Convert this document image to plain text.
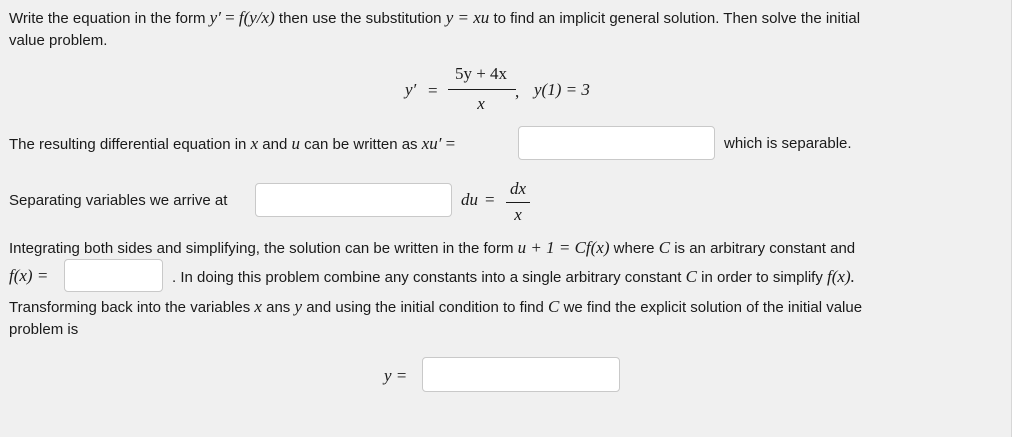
Write the equation in the form y′ = f(y/x) then use the substitution y = xu to find an implicit general solution. Then solve the initial
value problem.
y′ =
5y + 4x
x
, y(1) = 3
The resulting differential equation in x and u can be written as xu′ =	which is separable.
Separating variables we arrive at	du =
dx
x
Integrating both sides and simplifying, the solution can be written in the form u + 1 = Cf(x) where C is an arbitrary constant and
f(x) =	. In doing this problem combine any constants into a single arbitrary constant C in order to simplify f(x).
Transforming back into the variables x ans y and using the initial condition to find C we find the explicit solution of the initial value
problem is
y =
